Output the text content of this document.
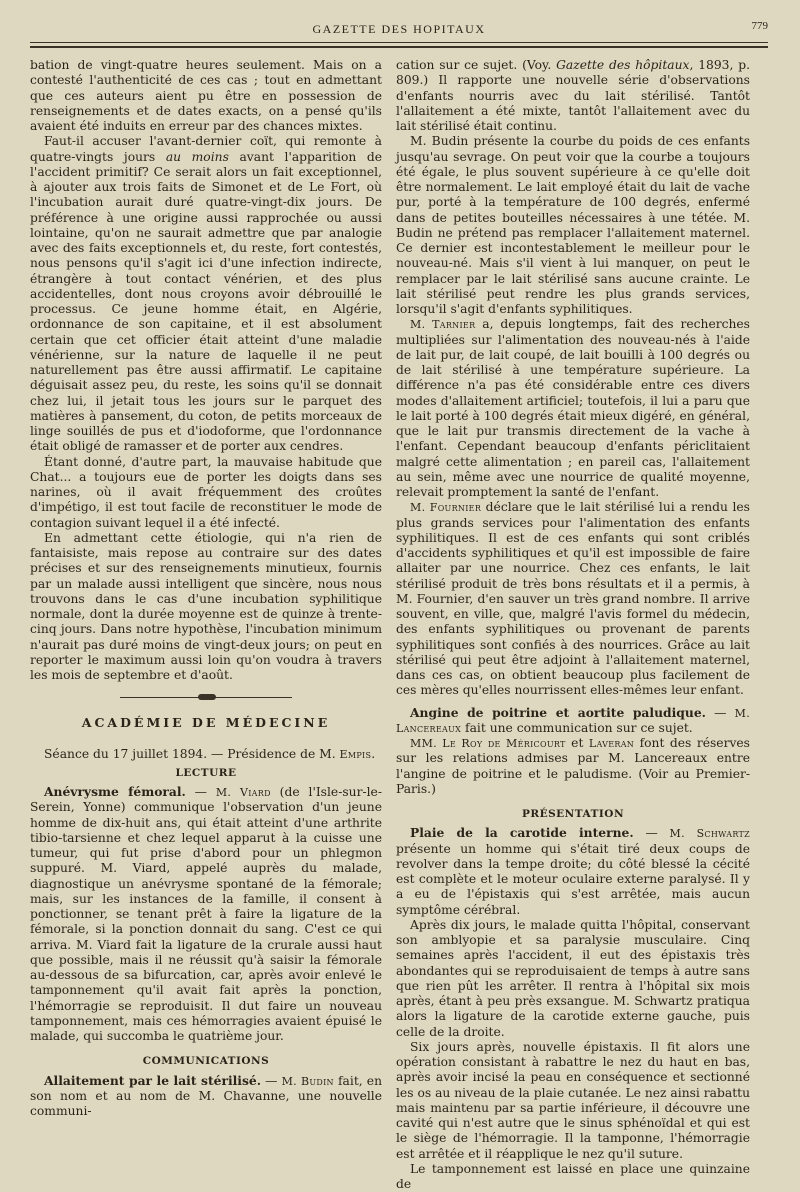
GAZETTE DES HOPITAUX	779

bation de vingt-quatre heures seulement. Mais on a contesté l'authenticité de ces cas ; tout en admettant que ces auteurs aient pu être en possession de renseignements et de dates exacts, on a pensé qu'ils avaient été induits en erreur par des chances mixtes.

Faut-il accuser l'avant-dernier coït, qui remonte à quatre-vingts jours au moins avant l'apparition de l'accident primitif? Ce serait alors un fait exceptionnel, à ajouter aux trois faits de Simonet et de Le Fort, où l'incubation aurait duré quatre-vingt-dix jours. De préférence à une origine aussi rapprochée ou aussi lointaine, qu'on ne saurait admettre que par analogie avec des faits exceptionnels et, du reste, fort contestés, nous pensons qu'il s'agit ici d'une infection indirecte, étrangère à tout contact vénérien, et des plus accidentelles, dont nous croyons avoir débrouillé le processus. Ce jeune homme était, en Algérie, ordonnance de son capitaine, et il est absolument certain que cet officier était atteint d'une maladie vénérienne, sur la nature de laquelle il ne peut naturellement pas être aussi affirmatif. Le capitaine déguisait assez peu, du reste, les soins qu'il se donnait chez lui, il jetait tous les jours sur le parquet des matières à pansement, du coton, de petits morceaux de linge souillés de pus et d'iodoforme, que l'ordonnance était obligé de ramasser et de porter aux cendres.

Étant donné, d'autre part, la mauvaise habitude que Chat... a toujours eue de porter les doigts dans ses narines, où il avait fréquemment des croûtes d'impétigo, il est tout facile de reconstituer le mode de contagion suivant lequel il a été infecté.

En admettant cette étiologie, qui n'a rien de fantaisiste, mais repose au contraire sur des dates précises et sur des renseignements minutieux, fournis par un malade aussi intelligent que sincère, nous nous trouvons dans le cas d'une incubation syphilitique normale, dont la durée moyenne est de quinze à trente-cinq jours. Dans notre hypothèse, l'incubation minimum n'aurait pas duré moins de vingt-deux jours; on peut en reporter le maximum aussi loin qu'on voudra à travers les mois de septembre et d'août.

ACADÉMIE DE MÉDECINE

Séance du 17 juillet 1894. — Présidence de M. Empis.

LECTURE

Anévrysme fémoral. — M. Viard (de l'Isle-sur-le-Serein, Yonne) communique l'observation d'un jeune homme de dix-huit ans, qui était atteint d'une arthrite tibio-tarsienne et chez lequel apparut à la cuisse une tumeur, qui fut prise d'abord pour un phlegmon suppuré. M. Viard, appelé auprès du malade, diagnostique un anévrysme spontané de la fémorale; mais, sur les instances de la famille, il consent à ponctionner, se tenant prêt à faire la ligature de la fémorale, si la ponction donnait du sang. C'est ce qui arriva. M. Viard fait la ligature de la crurale aussi haut que possible, mais il ne réussit qu'à saisir la fémorale au-dessous de sa bifurcation, car, après avoir enlevé le tamponnement qu'il avait fait après la ponction, l'hémorragie se reproduisit. Il dut faire un nouveau tamponnement, mais ces hémorragies avaient épuisé le malade, qui succomba le quatrième jour.

COMMUNICATIONS

Allaitement par le lait stérilisé. — M. Budin fait, en son nom et au nom de M. Chavanne, une nouvelle communi-

cation sur ce sujet. (Voy. Gazette des hôpitaux, 1893, p. 809.) Il rapporte une nouvelle série d'observations d'enfants nourris avec du lait stérilisé. Tantôt l'allaitement a été mixte, tantôt l'allaitement avec du lait stérilisé était continu.

M. Budin présente la courbe du poids de ces enfants jusqu'au sevrage. On peut voir que la courbe a toujours été égale, le plus souvent supérieure à ce qu'elle doit être normalement. Le lait employé était du lait de vache pur, porté à la température de 100 degrés, enfermé dans de petites bouteilles nécessaires à une tétée. M. Budin ne prétend pas remplacer l'allaitement maternel. Ce dernier est incontestablement le meilleur pour le nouveau-né. Mais s'il vient à lui manquer, on peut le remplacer par le lait stérilisé sans aucune crainte. Le lait stérilisé peut rendre les plus grands services, lorsqu'il s'agit d'enfants syphilitiques.

M. Tarnier a, depuis longtemps, fait des recherches multipliées sur l'alimentation des nouveau-nés à l'aide de lait pur, de lait coupé, de lait bouilli à 100 degrés ou de lait stérilisé à une température supérieure. La différence n'a pas été considérable entre ces divers modes d'allaitement artificiel; toutefois, il lui a paru que le lait porté à 100 degrés était mieux digéré, en général, que le lait pur transmis directement de la vache à l'enfant. Cependant beaucoup d'enfants périclitaient malgré cette alimentation ; en pareil cas, l'allaitement au sein, même avec une nourrice de qualité moyenne, relevait promptement la santé de l'enfant.

M. Fournier déclare que le lait stérilisé lui a rendu les plus grands services pour l'alimentation des enfants syphilitiques. Il est de ces enfants qui sont criblés d'accidents syphilitiques et qu'il est impossible de faire allaiter par une nourrice. Chez ces enfants, le lait stérilisé produit de très bons résultats et il a permis, à M. Fournier, d'en sauver un très grand nombre. Il arrive souvent, en ville, que, malgré l'avis formel du médecin, des enfants syphilitiques ou provenant de parents syphilitiques sont confiés à des nourrices. Grâce au lait stérilisé qui peut être adjoint à l'allaitement maternel, dans ces cas, on obtient beaucoup plus facilement de ces mères qu'elles nourrissent elles-mêmes leur enfant.

Angine de poitrine et aortite paludique. — M. Lancereaux fait une communication sur ce sujet.

MM. Le Roy de Méricourt et Laveran font des réserves sur les relations admises par M. Lancereaux entre l'angine de poitrine et le paludisme. (Voir au Premier-Paris.)

PRÉSENTATION

Plaie de la carotide interne. — M. Schwartz présente un homme qui s'était tiré deux coups de revolver dans la tempe droite; du côté blessé la cécité est complète et le moteur oculaire externe paralysé. Il y a eu de l'épistaxis qui s'est arrêtée, mais aucun symptôme cérébral.

Après dix jours, le malade quitta l'hôpital, conservant son amblyopie et sa paralysie musculaire. Cinq semaines après l'accident, il eut des épistaxis très abondantes qui se reproduisaient de temps à autre sans que rien pût les arrêter. Il rentra à l'hôpital six mois après, étant à peu près exsangue. M. Schwartz pratiqua alors la ligature de la carotide externe gauche, puis celle de la droite.

Six jours après, nouvelle épistaxis. Il fit alors une opération consistant à rabattre le nez du haut en bas, après avoir incisé la peau en conséquence et sectionné les os au niveau de la plaie cutanée. Le nez ainsi rabattu mais maintenu par sa partie inférieure, il découvre une cavité qui n'est autre que le sinus sphénoïdal et qui est le siège de l'hémorragie. Il la tamponne, l'hémorragie est arrêtée et il réapplique le nez qu'il suture.

Le tamponnement est laissé en place une quinzaine de
